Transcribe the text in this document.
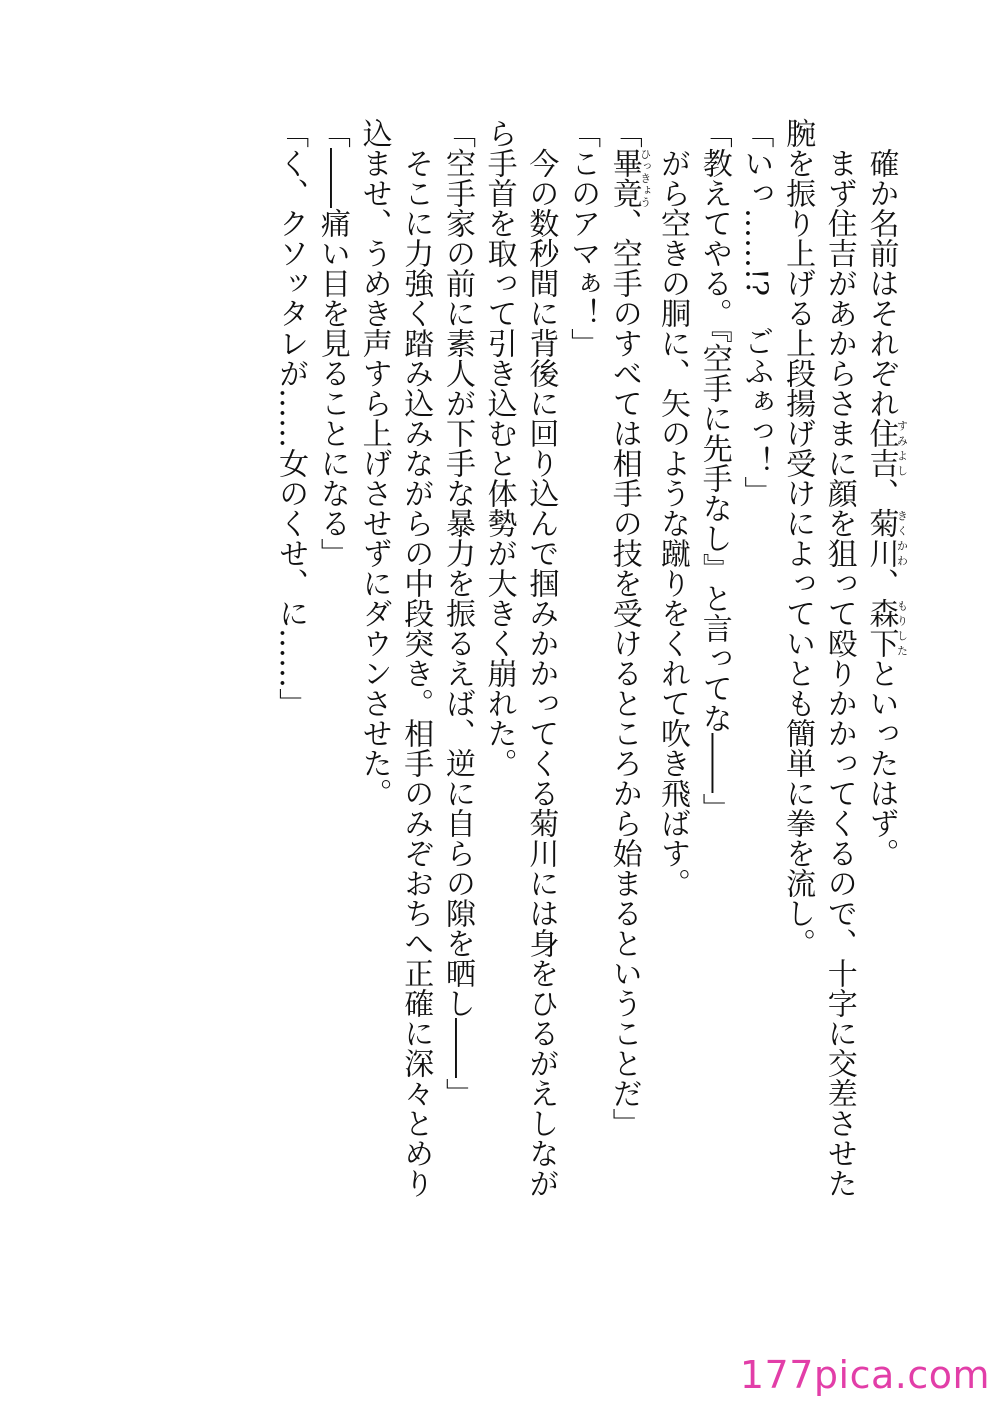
確か名前はそれぞれ住吉すみよし、菊川きくかわ、森下もりしたといったはず。

まず住吉があからさまに顔を狙って殴りかかってくるので、十字に交差させた

腕を振り上げる上段揚げ受けによっていとも簡単に拳を流し。

「いっ……!?　ごふぁっ！」

「教えてやる。『空手に先手なし』と言ってな――」

がら空きの胴に、矢のような蹴りをくれて吹き飛ばす。

「畢竟ひっきょう、空手のすべては相手の技を受けるところから始まるということだ」

「このアマぁ！」

今の数秒間に背後に回り込んで掴みかかってくる菊川には身をひるがえしなが

ら手首を取って引き込むと体勢が大きく崩れた。

「空手家の前に素人が下手な暴力を振るえば、逆に自らの隙を晒し――」

そこに力強く踏み込みながらの中段突き。相手のみぞおちへ正確に深々とめり

込ませ、うめき声すら上げさせずにダウンさせた。

「――痛い目を見ることになる」

「く、クソッタレが……女のくせ、に……」

177pica.com
